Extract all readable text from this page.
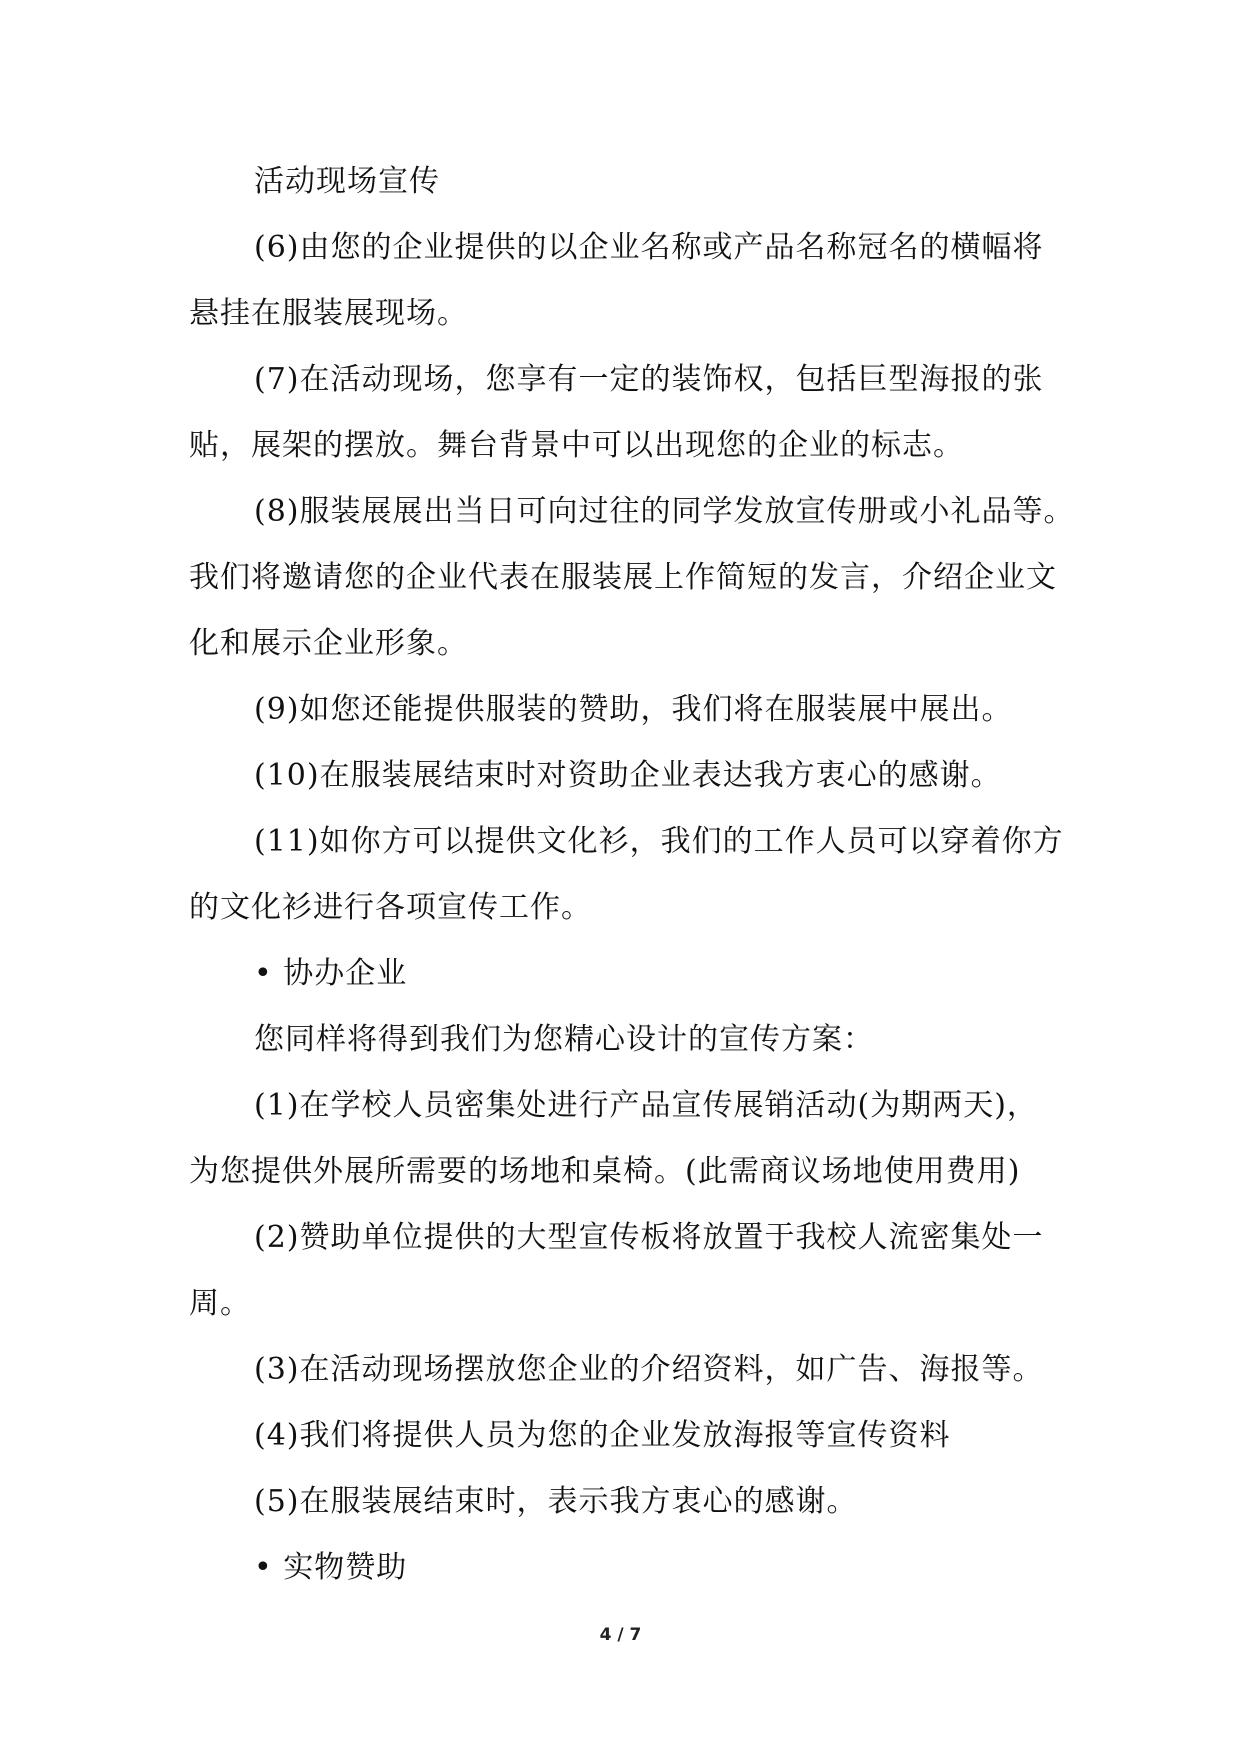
活动现场宣传
(6)由您的企业提供的以企业名称或产品名称冠名的横幅将
悬挂在服装展现场。
(7)在活动现场，您享有一定的装饰权，包括巨型海报的张
贴，展架的摆放。舞台背景中可以出现您的企业的标志。
(8)服装展展出当日可向过往的同学发放宣传册或小礼品等。
我们将邀请您的企业代表在服装展上作简短的发言，介绍企业文
化和展示企业形象。
(9)如您还能提供服装的赞助，我们将在服装展中展出。
(10)在服装展结束时对资助企业表达我方衷心的感谢。
(11)如你方可以提供文化衫，我们的工作人员可以穿着你方
的文化衫进行各项宣传工作。
• 协办企业
您同样将得到我们为您精心设计的宣传方案：
(1)在学校人员密集处进行产品宣传展销活动(为期两天)，
为您提供外展所需要的场地和桌椅。(此需商议场地使用费用)
(2)赞助单位提供的大型宣传板将放置于我校人流密集处一
周。
(3)在活动现场摆放您企业的介绍资料，如广告、海报等。
(4)我们将提供人员为您的企业发放海报等宣传资料
(5)在服装展结束时，表示我方衷心的感谢。
• 实物赞助
4 / 7
